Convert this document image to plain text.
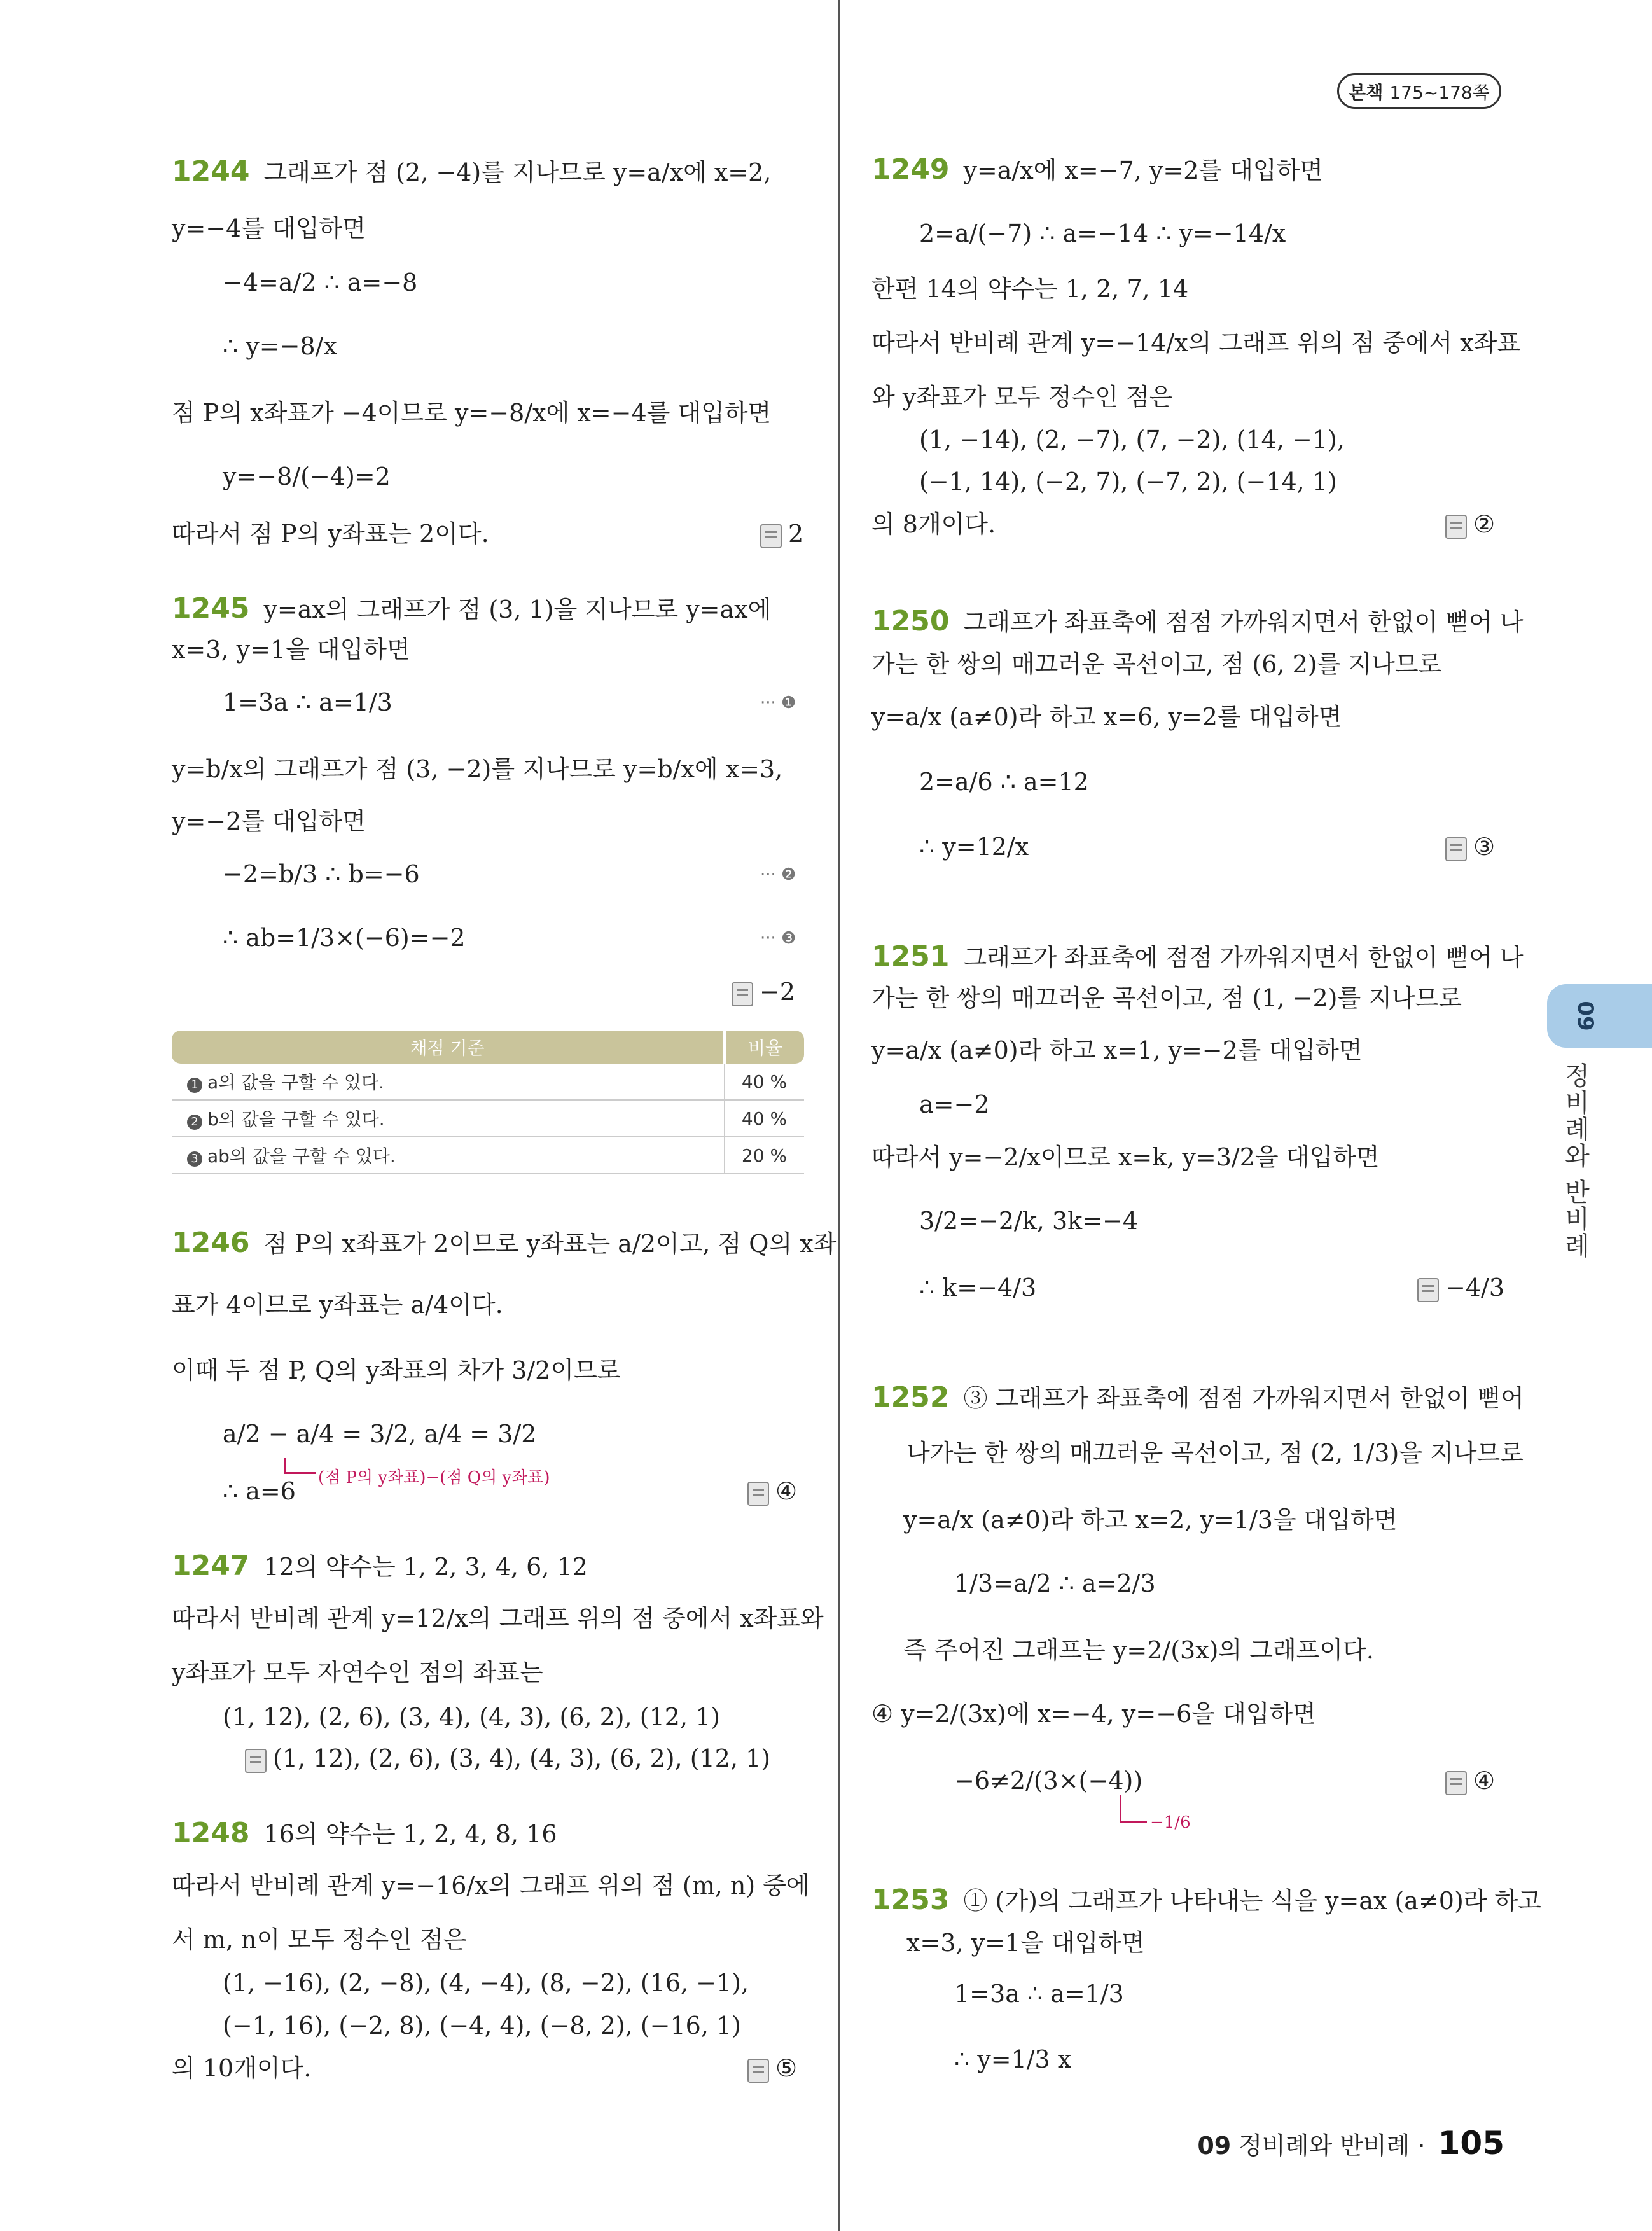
본책 175~178쪽
09
정비례와 반비례
09 정비례와 반비례 · 105
1244 그래프가 점 (2, −4)를 지나므로 y=a/x에 x=2,
y=−4를 대입하면
−4=a/2 ∴ a=−8
∴ y=−8/x
점 P의 x좌표가 −4이므로 y=−8/x에 x=−4를 대입하면
y=−8/(−4)=2
따라서 점 P의 y좌표는 2이다.	2
1245 y=ax의 그래프가 점 (3, 1)을 지나므로 y=ax에
x=3, y=1을 대입하면
1=3a ∴ a=1/3	··· ❶
y=b/x의 그래프가 점 (3, −2)를 지나므로 y=b/x에 x=3,
y=−2를 대입하면
−2=b/3 ∴ b=−6	··· ❷
∴ ab=1/3×(−6)=−2	··· ❸
−2
채점 기준	비율
1 a의 값을 구할 수 있다.	40 %
2 b의 값을 구할 수 있다.	40 %
3 ab의 값을 구할 수 있다.	20 %
1246 점 P의 x좌표가 2이므로 y좌표는 a/2이고, 점 Q의 x좌
표가 4이므로 y좌표는 a/4이다.
이때 두 점 P, Q의 y좌표의 차가 3/2이므로
a/2 − a/4 = 3/2, a/4 = 3/2
∴ a=6 (점 P의 y좌표)−(점 Q의 y좌표)	④
1247 12의 약수는 1, 2, 3, 4, 6, 12
따라서 반비례 관계 y=12/x의 그래프 위의 점 중에서 x좌표와
y좌표가 모두 자연수인 점의 좌표는
(1, 12), (2, 6), (3, 4), (4, 3), (6, 2), (12, 1)
(1, 12), (2, 6), (3, 4), (4, 3), (6, 2), (12, 1)
1248 16의 약수는 1, 2, 4, 8, 16
따라서 반비례 관계 y=−16/x의 그래프 위의 점 (m, n) 중에
서 m, n이 모두 정수인 점은
(1, −16), (2, −8), (4, −4), (8, −2), (16, −1),
(−1, 16), (−2, 8), (−4, 4), (−8, 2), (−16, 1)
의 10개이다.	⑤
1249 y=a/x에 x=−7, y=2를 대입하면
2=a/(−7) ∴ a=−14 ∴ y=−14/x
한편 14의 약수는 1, 2, 7, 14
따라서 반비례 관계 y=−14/x의 그래프 위의 점 중에서 x좌표
와 y좌표가 모두 정수인 점은
(1, −14), (2, −7), (7, −2), (14, −1),
(−1, 14), (−2, 7), (−7, 2), (−14, 1)
의 8개이다.	②
1250 그래프가 좌표축에 점점 가까워지면서 한없이 뻗어 나
가는 한 쌍의 매끄러운 곡선이고, 점 (6, 2)를 지나므로
y=a/x (a≠0)라 하고 x=6, y=2를 대입하면
2=a/6 ∴ a=12
∴ y=12/x	③
1251 그래프가 좌표축에 점점 가까워지면서 한없이 뻗어 나
가는 한 쌍의 매끄러운 곡선이고, 점 (1, −2)를 지나므로
y=a/x (a≠0)라 하고 x=1, y=−2를 대입하면
a=−2
따라서 y=−2/x이므로 x=k, y=3/2을 대입하면
3/2=−2/k, 3k=−4
∴ k=−4/3	−4/3
1252 ③ 그래프가 좌표축에 점점 가까워지면서 한없이 뻗어
나가는 한 쌍의 매끄러운 곡선이고, 점 (2, 1/3)을 지나므로
y=a/x (a≠0)라 하고 x=2, y=1/3을 대입하면
1/3=a/2 ∴ a=2/3
즉 주어진 그래프는 y=2/(3x)의 그래프이다.
④ y=2/(3x)에 x=−4, y=−6을 대입하면
−6≠2/(3×(−4))
−1/6
④
1253 ① (가)의 그래프가 나타내는 식을 y=ax (a≠0)라 하고
x=3, y=1을 대입하면
1=3a ∴ a=1/3
∴ y=1/3 x
